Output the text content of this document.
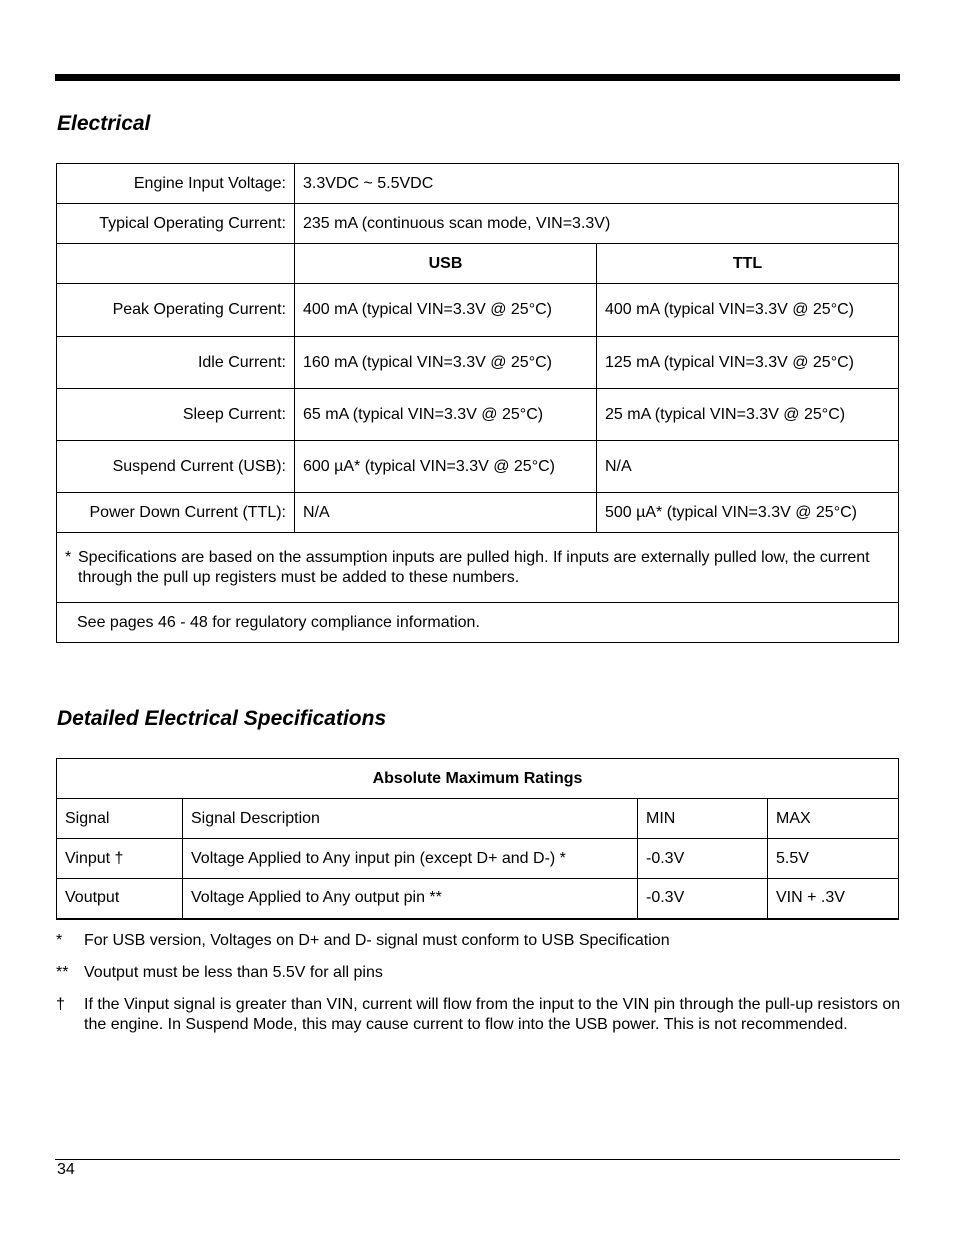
Electrical
Engine Input Voltage:	3.3VDC ~ 5.5VDC	
Typical Operating Current:	235 mA (continuous scan mode, VIN=3.3V)	
	USB	TTL
Peak Operating Current:	400 mA (typical VIN=3.3V @ 25°C)	400 mA (typical VIN=3.3V @ 25°C)
Idle Current:	160 mA (typical VIN=3.3V @ 25°C)	125 mA (typical VIN=3.3V @ 25°C)
Sleep Current:	65 mA (typical VIN=3.3V @ 25°C)	25 mA (typical VIN=3.3V @ 25°C)
Suspend Current (USB):	600 µA* (typical VIN=3.3V @ 25°C)	N/A
Power Down Current (TTL):	N/A	500 µA* (typical VIN=3.3V @ 25°C)

* Specifications are based on the assumption inputs are pulled high. If inputs are externally pulled low, the current through the pull up registers must be added to these numbers.		

See pages 46 - 48 for regulatory compliance information.		
Detailed Electrical Specifications
Absolute Maximum Ratings			
Signal	Signal Description	MIN	MAX
Vinput †	Voltage Applied to Any input pin (except D+ and D-) *	-0.3V	5.5V
Voutput	Voltage Applied to Any output pin **	-0.3V	VIN + .3V
*	For USB version, Voltages on D+ and D- signal must conform to USB Specification
** Voutput must be less than 5.5V for all pins
†	If the Vinput signal is greater than VIN, current will flow from the input to the VIN pin through the pull-up resistors on the engine. In Suspend Mode, this may cause current to flow into the USB power. This is not recommended.
34
